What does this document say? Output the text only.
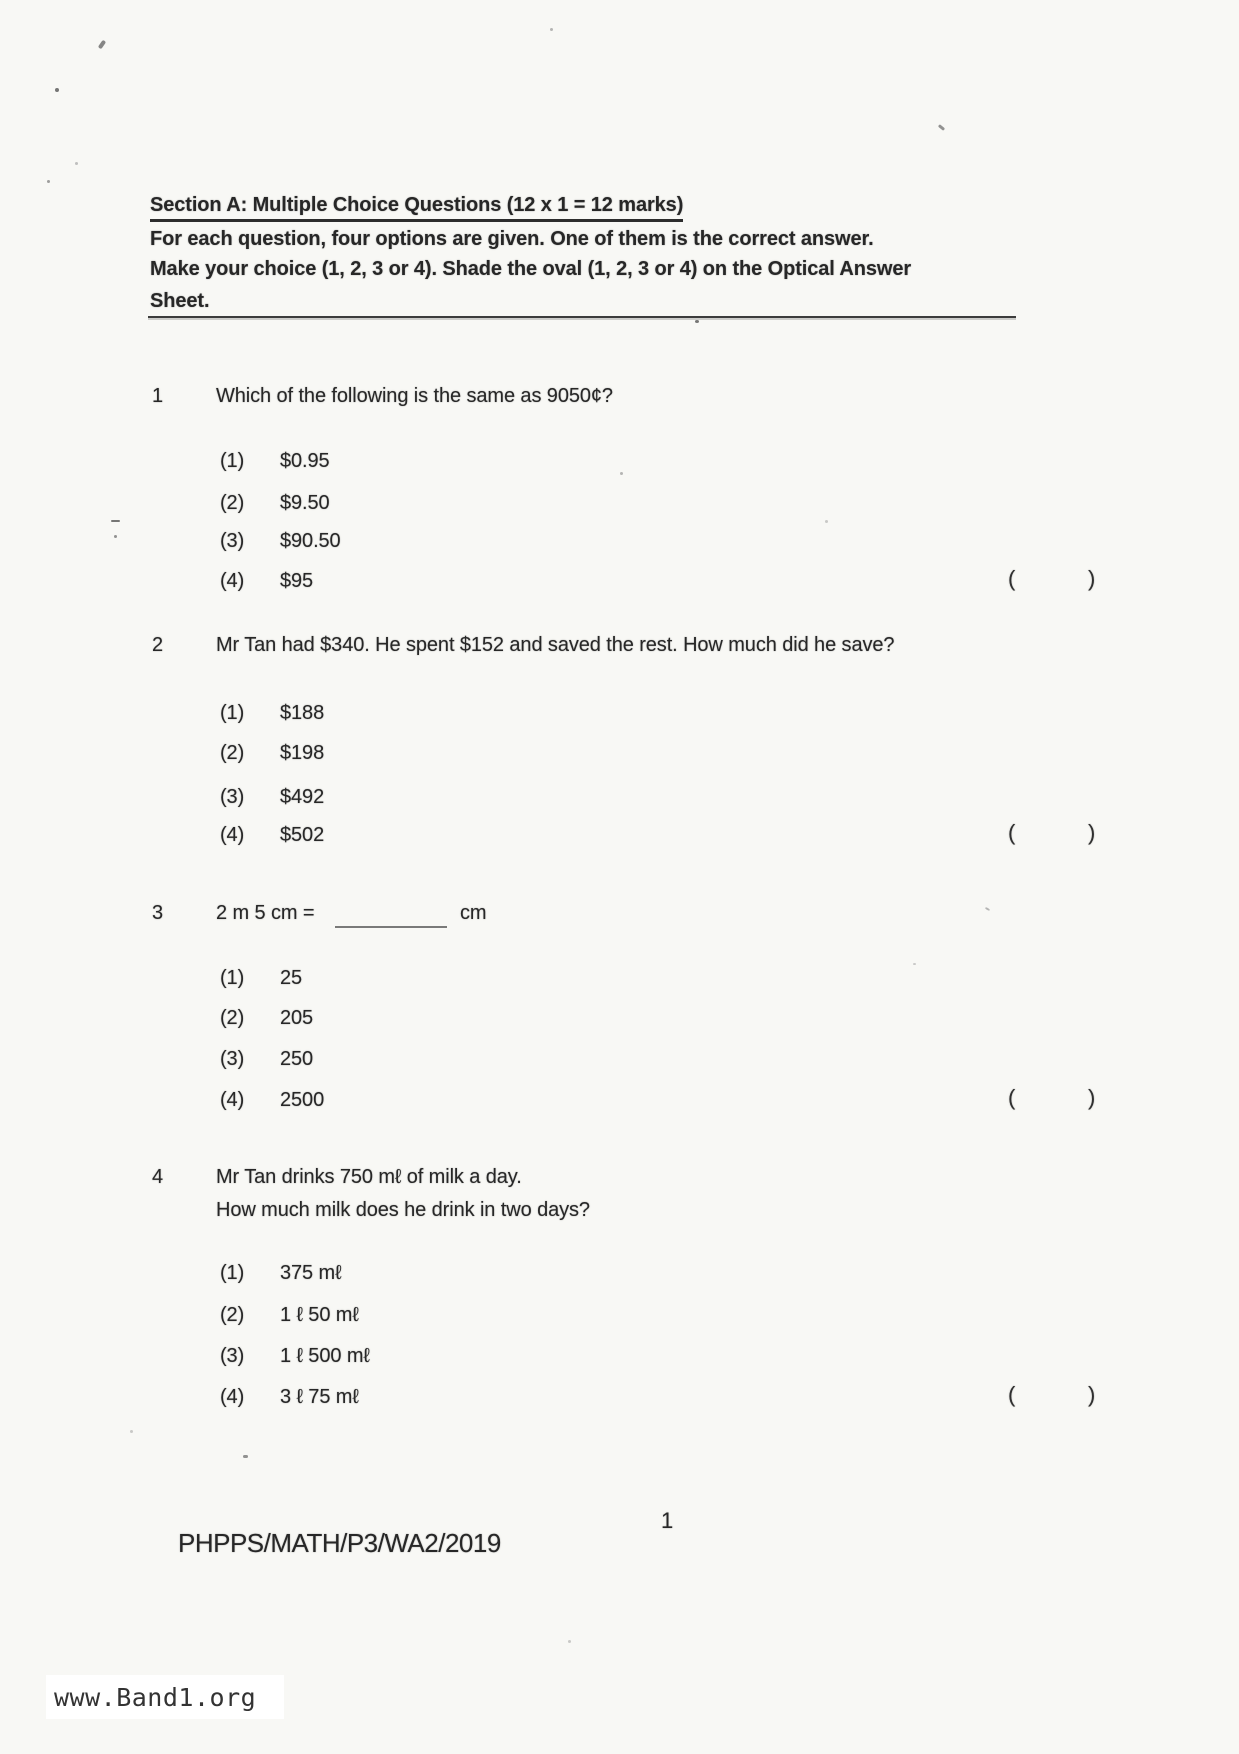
Section A: Multiple Choice Questions (12 x 1 = 12 marks)
For each question, four options are given. One of them is the correct answer.
Make your choice (1, 2, 3 or 4). Shade the oval (1, 2, 3 or 4) on the Optical Answer
Sheet.
1	Which of the following is the same as 9050¢?
(1) $0.95
(2) $9.50
(3) $90.50
(4) $95	(	)
2	Mr Tan had $340. He spent $152 and saved the rest. How much did he save?
(1) $188
(2) $198
(3) $492
(4) $502	(	)
3	2 m 5 cm =	cm
(1) 25
(2) 205
(3) 250
(4) 2500	(	)
4	Mr Tan drinks 750 mℓ of milk a day.
How much milk does he drink in two days?
(1) 375 mℓ
(2) 1 ℓ 50 mℓ
(3) 1 ℓ 500 mℓ
(4) 3 ℓ 75 mℓ	(	)
1
PHPPS/MATH/P3/WA2/2019
www.Band1.org
